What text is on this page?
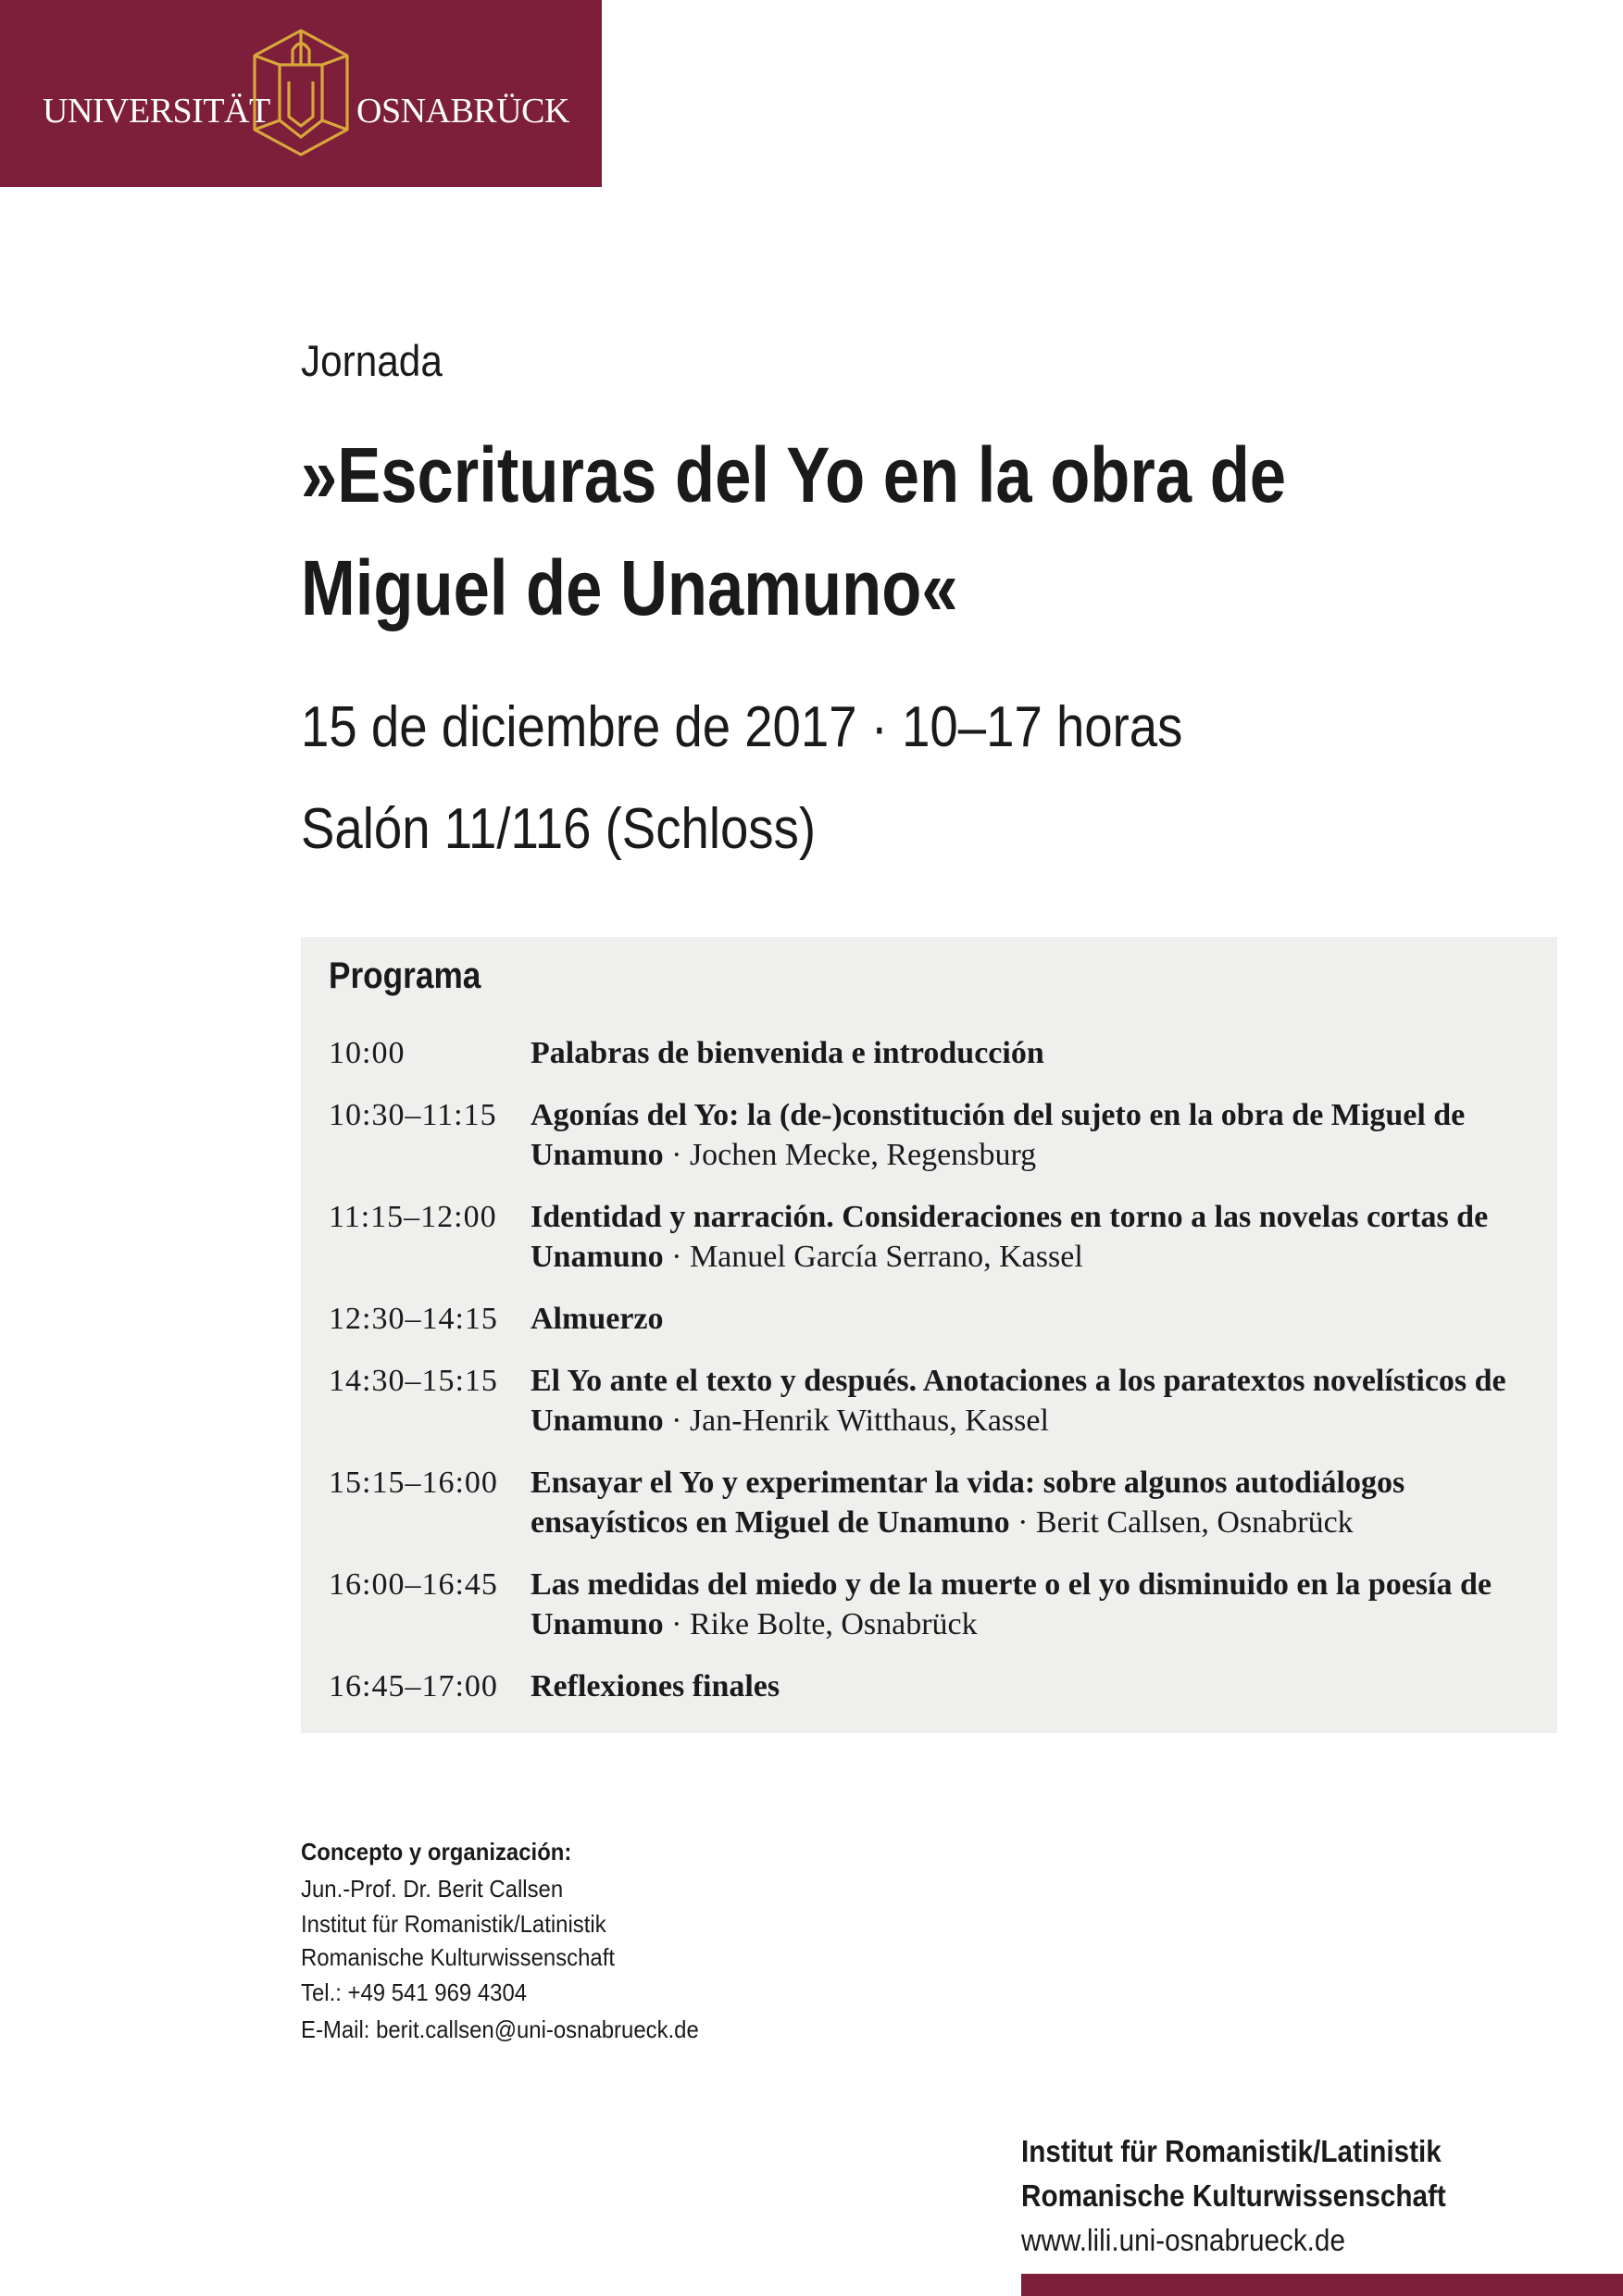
UNIVERSITÄT OSNABRÜCK
Jornada
»Escrituras del Yo en la obra de
Miguel de Unamuno«
15 de diciembre de 2017 · 10–17 horas
Salón 11/116 (Schloss)
Programa
10:00	Palabras de bienvenida e introducción
10:30–11:15	Agonías del Yo: la (de-)constitución del sujeto en la obra de Miguel de Unamuno · Jochen Mecke, Regensburg
11:15–12:00	Identidad y narración. Consideraciones en torno a las novelas cortas de Unamuno · Manuel García Serrano, Kassel
12:30–14:15	Almuerzo
14:30–15:15	El Yo ante el texto y después. Anotaciones a los paratextos novelísticos de Unamuno · Jan-Henrik Witthaus, Kassel
15:15–16:00	Ensayar el Yo y experimentar la vida: sobre algunos autodiálogos ensayísticos en Miguel de Unamuno · Berit Callsen, Osnabrück
16:00–16:45	Las medidas del miedo y de la muerte o el yo disminuido en la poesía de Unamuno · Rike Bolte, Osnabrück
16:45–17:00	Reflexiones finales
Concepto y organización:
Jun.-Prof. Dr. Berit Callsen
Institut für Romanistik/Latinistik
Romanische Kulturwissenschaft
Tel.: +49 541 969 4304
E-Mail: berit.callsen@uni-osnabrueck.de
Institut für Romanistik/Latinistik
Romanische Kulturwissenschaft
www.lili.uni-osnabrueck.de
